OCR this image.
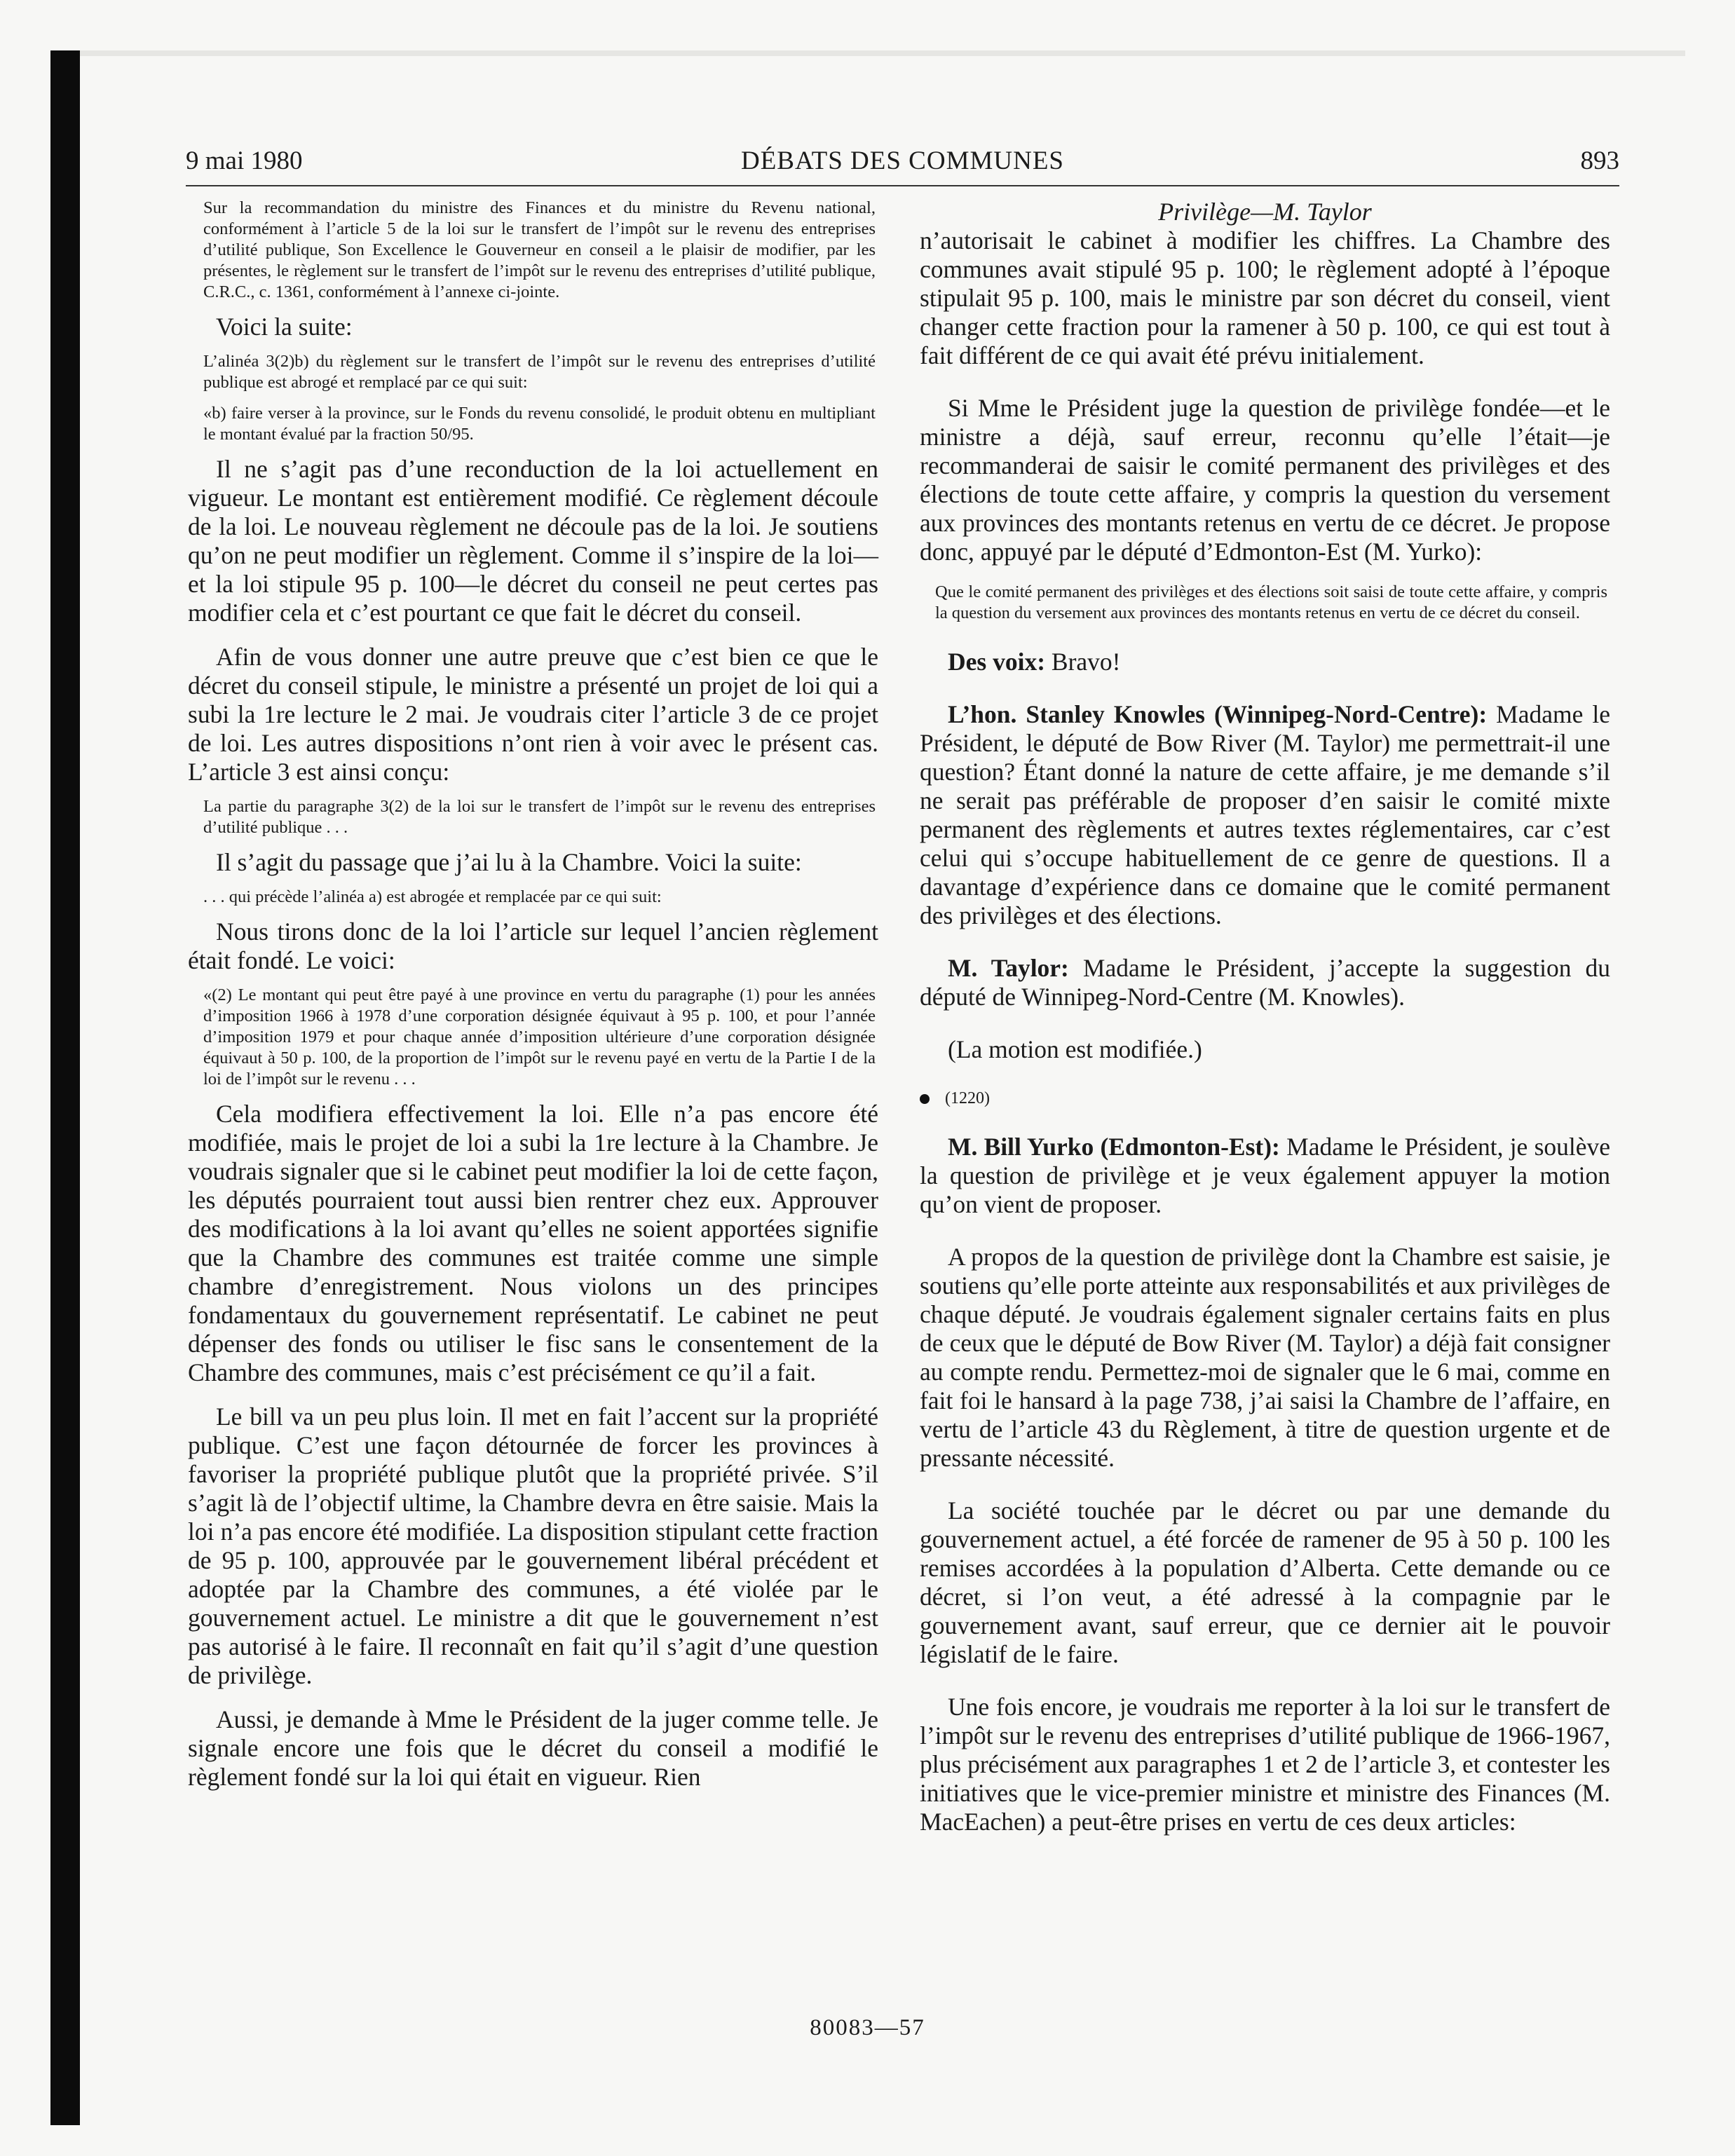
9 mai 1980	DÉBATS DES COMMUNES	893

Sur la recommandation du ministre des Finances et du ministre du Revenu national, conformément à l’article 5 de la loi sur le transfert de l’impôt sur le revenu des entreprises d’utilité publique, Son Excellence le Gouverneur en conseil a le plaisir de modifier, par les présentes, le règlement sur le transfert de l’impôt sur le revenu des entreprises d’utilité publique, C.R.C., c. 1361, conformément à l’annexe ci-jointe.

Voici la suite:

L’alinéa 3(2)b) du règlement sur le transfert de l’impôt sur le revenu des entreprises d’utilité publique est abrogé et remplacé par ce qui suit:

«b) faire verser à la province, sur le Fonds du revenu consolidé, le produit obtenu en multipliant le montant évalué par la fraction 50/95.

Il ne s’agit pas d’une reconduction de la loi actuellement en vigueur. Le montant est entièrement modifié. Ce règlement découle de la loi. Le nouveau règlement ne découle pas de la loi. Je soutiens qu’on ne peut modifier un règlement. Comme il s’inspire de la loi—et la loi stipule 95 p. 100—le décret du conseil ne peut certes pas modifier cela et c’est pourtant ce que fait le décret du conseil.

Afin de vous donner une autre preuve que c’est bien ce que le décret du conseil stipule, le ministre a présenté un projet de loi qui a subi la 1re lecture le 2 mai. Je voudrais citer l’article 3 de ce projet de loi. Les autres dispositions n’ont rien à voir avec le présent cas. L’article 3 est ainsi conçu:

La partie du paragraphe 3(2) de la loi sur le transfert de l’impôt sur le revenu des entreprises d’utilité publique . . .

Il s’agit du passage que j’ai lu à la Chambre. Voici la suite:

. . . qui précède l’alinéa a) est abrogée et remplacée par ce qui suit:

Nous tirons donc de la loi l’article sur lequel l’ancien règlement était fondé. Le voici:

«(2) Le montant qui peut être payé à une province en vertu du paragraphe (1) pour les années d’imposition 1966 à 1978 d’une corporation désignée équivaut à 95 p. 100, et pour l’année d’imposition 1979 et pour chaque année d’imposition ultérieure d’une corporation désignée équivaut à 50 p. 100, de la proportion de l’impôt sur le revenu payé en vertu de la Partie I de la loi de l’impôt sur le revenu . . .

Cela modifiera effectivement la loi. Elle n’a pas encore été modifiée, mais le projet de loi a subi la 1re lecture à la Chambre. Je voudrais signaler que si le cabinet peut modifier la loi de cette façon, les députés pourraient tout aussi bien rentrer chez eux. Approuver des modifications à la loi avant qu’elles ne soient apportées signifie que la Chambre des communes est traitée comme une simple chambre d’enregistrement. Nous violons un des principes fondamentaux du gouvernement représentatif. Le cabinet ne peut dépenser des fonds ou utiliser le fisc sans le consentement de la Chambre des communes, mais c’est précisément ce qu’il a fait.

Le bill va un peu plus loin. Il met en fait l’accent sur la propriété publique. C’est une façon détournée de forcer les provinces à favoriser la propriété publique plutôt que la propriété privée. S’il s’agit là de l’objectif ultime, la Chambre devra en être saisie. Mais la loi n’a pas encore été modifiée. La disposition stipulant cette fraction de 95 p. 100, approuvée par le gouvernement libéral précédent et adoptée par la Chambre des communes, a été violée par le gouvernement actuel. Le ministre a dit que le gouvernement n’est pas autorisé à le faire. Il reconnaît en fait qu’il s’agit d’une question de privilège.

Aussi, je demande à Mme le Président de la juger comme telle. Je signale encore une fois que le décret du conseil a modifié le règlement fondé sur la loi qui était en vigueur. Rien

Privilège—M. Taylor

n’autorisait le cabinet à modifier les chiffres. La Chambre des communes avait stipulé 95 p. 100; le règlement adopté à l’époque stipulait 95 p. 100, mais le ministre par son décret du conseil, vient changer cette fraction pour la ramener à 50 p. 100, ce qui est tout à fait différent de ce qui avait été prévu initialement.

Si Mme le Président juge la question de privilège fondée—et le ministre a déjà, sauf erreur, reconnu qu’elle l’était—je recommanderai de saisir le comité permanent des privilèges et des élections de toute cette affaire, y compris la question du versement aux provinces des montants retenus en vertu de ce décret. Je propose donc, appuyé par le député d’Edmonton-Est (M. Yurko):

Que le comité permanent des privilèges et des élections soit saisi de toute cette affaire, y compris la question du versement aux provinces des montants retenus en vertu de ce décret du conseil.

Des voix: Bravo!

L’hon. Stanley Knowles (Winnipeg-Nord-Centre): Madame le Président, le député de Bow River (M. Taylor) me permettrait-il une question? Étant donné la nature de cette affaire, je me demande s’il ne serait pas préférable de proposer d’en saisir le comité mixte permanent des règlements et autres textes réglementaires, car c’est celui qui s’occupe habituellement de ce genre de questions. Il a davantage d’expérience dans ce domaine que le comité permanent des privilèges et des élections.

M. Taylor: Madame le Président, j’accepte la suggestion du député de Winnipeg-Nord-Centre (M. Knowles).

(La motion est modifiée.)

(1220)

M. Bill Yurko (Edmonton-Est): Madame le Président, je soulève la question de privilège et je veux également appuyer la motion qu’on vient de proposer.

A propos de la question de privilège dont la Chambre est saisie, je soutiens qu’elle porte atteinte aux responsabilités et aux privilèges de chaque député. Je voudrais également signaler certains faits en plus de ceux que le député de Bow River (M. Taylor) a déjà fait consigner au compte rendu. Permettez-moi de signaler que le 6 mai, comme en fait foi le hansard à la page 738, j’ai saisi la Chambre de l’affaire, en vertu de l’article 43 du Règlement, à titre de question urgente et de pressante nécessité.

La société touchée par le décret ou par une demande du gouvernement actuel, a été forcée de ramener de 95 à 50 p. 100 les remises accordées à la population d’Alberta. Cette demande ou ce décret, si l’on veut, a été adressé à la compagnie par le gouvernement avant, sauf erreur, que ce dernier ait le pouvoir législatif de le faire.

Une fois encore, je voudrais me reporter à la loi sur le transfert de l’impôt sur le revenu des entreprises d’utilité publique de 1966-1967, plus précisément aux paragraphes 1 et 2 de l’article 3, et contester les initiatives que le vice-premier ministre et ministre des Finances (M. MacEachen) a peut-être prises en vertu de ces deux articles:

80083—57
